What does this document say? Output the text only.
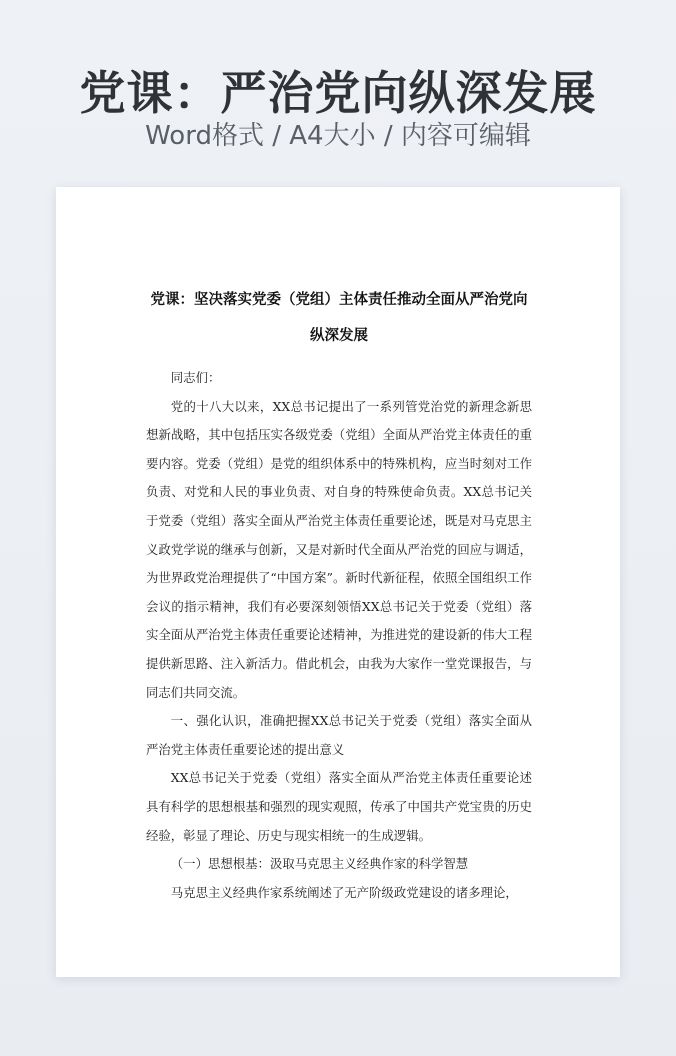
党课：严治党向纵深发展
Word格式 / A4大小 / 内容可编辑
党课：坚决落实党委（党组）主体责任推动全面从严治党向纵深发展

同志们：

党的十八大以来，XX总书记提出了一系列管党治党的新理念新思想新战略，其中包括压实各级党委（党组）全面从严治党主体责任的重要内容。党委（党组）是党的组织体系中的特殊机构，应当时刻对工作负责、对党和人民的事业负责、对自身的特殊使命负责。XX总书记关于党委（党组）落实全面从严治党主体责任重要论述，既是对马克思主义政党学说的继承与创新，又是对新时代全面从严治党的回应与调适，为世界政党治理提供了“中国方案”。新时代新征程，依照全国组织工作会议的指示精神，我们有必要深刻领悟XX总书记关于党委（党组）落实全面从严治党主体责任重要论述精神，为推进党的建设新的伟大工程提供新思路、注入新活力。借此机会，由我为大家作一堂党课报告，与同志们共同交流。

一、强化认识，准确把握XX总书记关于党委（党组）落实全面从严治党主体责任重要论述的提出意义

XX总书记关于党委（党组）落实全面从严治党主体责任重要论述具有科学的思想根基和强烈的现实观照，传承了中国共产党宝贵的历史经验，彰显了理论、历史与现实相统一的生成逻辑。

（一）思想根基：汲取马克思主义经典作家的科学智慧

马克思主义经典作家系统阐述了无产阶级政党建设的诸多理论，
